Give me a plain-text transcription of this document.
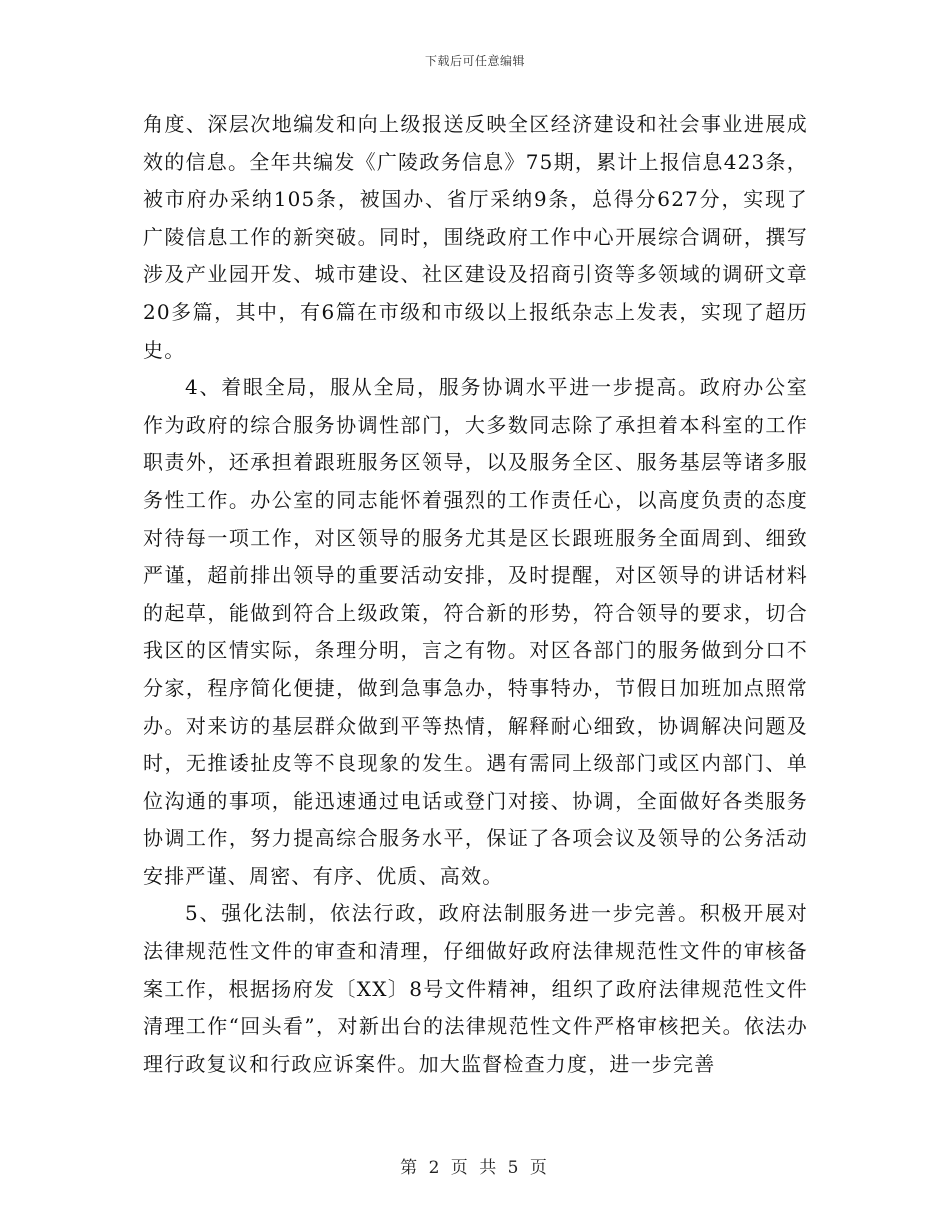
下载后可任意编辑

角度、深层次地编发和向上级报送反映全区经济建设和社会事业进展成效的信息。全年共编发《广陵政务信息》75期，累计上报信息423条，被市府办采纳105条，被国办、省厅采纳9条，总得分627分，实现了广陵信息工作的新突破。同时，围绕政府工作中心开展综合调研，撰写涉及产业园开发、城市建设、社区建设及招商引资等多领域的调研文章20多篇，其中，有6篇在市级和市级以上报纸杂志上发表，实现了超历史。

4、着眼全局，服从全局，服务协调水平进一步提高。政府办公室作为政府的综合服务协调性部门，大多数同志除了承担着本科室的工作职责外，还承担着跟班服务区领导，以及服务全区、服务基层等诸多服务性工作。办公室的同志能怀着强烈的工作责任心，以高度负责的态度对待每一项工作，对区领导的服务尤其是区长跟班服务全面周到、细致严谨，超前排出领导的重要活动安排，及时提醒，对区领导的讲话材料的起草，能做到符合上级政策，符合新的形势，符合领导的要求，切合我区的区情实际，条理分明，言之有物。对区各部门的服务做到分口不分家，程序简化便捷，做到急事急办，特事特办，节假日加班加点照常办。对来访的基层群众做到平等热情，解释耐心细致，协调解决问题及时，无推诿扯皮等不良现象的发生。遇有需同上级部门或区内部门、单位沟通的事项，能迅速通过电话或登门对接、协调，全面做好各类服务协调工作，努力提高综合服务水平，保证了各项会议及领导的公务活动安排严谨、周密、有序、优质、高效。

5、强化法制，依法行政，政府法制服务进一步完善。积极开展对法律规范性文件的审查和清理，仔细做好政府法律规范性文件的审核备案工作，根据扬府发〔XX〕8号文件精神，组织了政府法律规范性文件清理工作“回头看”，对新出台的法律规范性文件严格审核把关。依法办理行政复议和行政应诉案件。加大监督检查力度，进一步完善

第 2 页 共 5 页
